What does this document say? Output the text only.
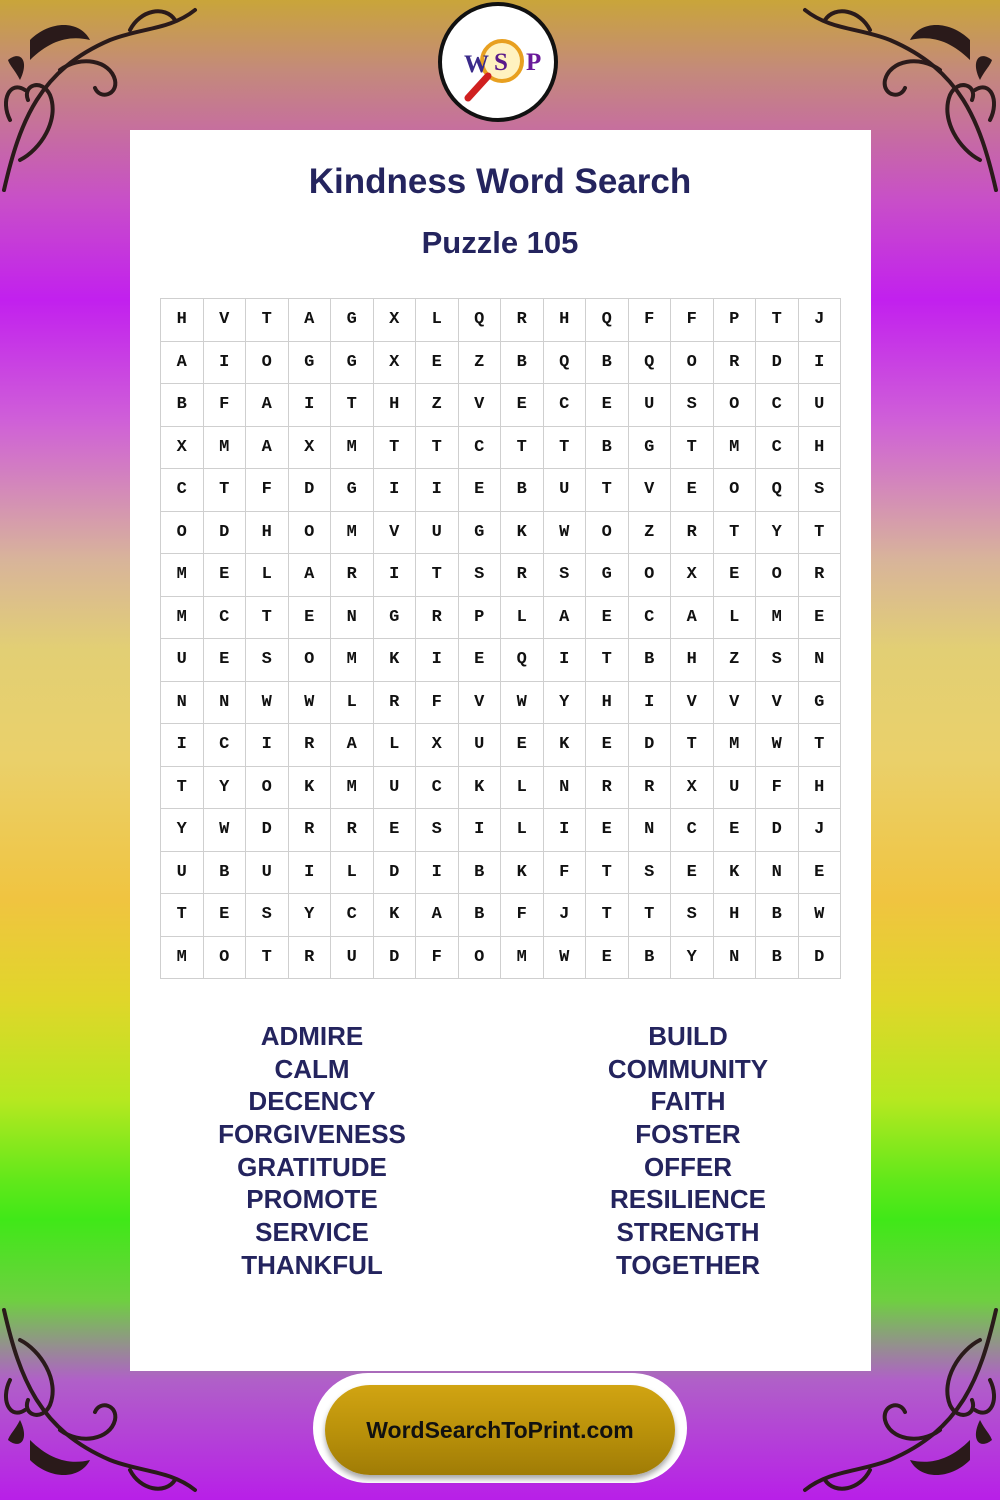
W S P
Kindness Word Search
Puzzle 105
H	V	T	A	G	X	L	Q	R	H	Q	F	F	P	T	J
A	I	O	G	G	X	E	Z	B	Q	B	Q	O	R	D	I
B	F	A	I	T	H	Z	V	E	C	E	U	S	O	C	U
X	M	A	X	M	T	T	C	T	T	B	G	T	M	C	H
C	T	F	D	G	I	I	E	B	U	T	V	E	O	Q	S
O	D	H	O	M	V	U	G	K	W	O	Z	R	T	Y	T
M	E	L	A	R	I	T	S	R	S	G	O	X	E	O	R
M	C	T	E	N	G	R	P	L	A	E	C	A	L	M	E
U	E	S	O	M	K	I	E	Q	I	T	B	H	Z	S	N
N	N	W	W	L	R	F	V	W	Y	H	I	V	V	V	G
I	C	I	R	A	L	X	U	E	K	E	D	T	M	W	T
T	Y	O	K	M	U	C	K	L	N	R	R	X	U	F	H
Y	W	D	R	R	E	S	I	L	I	E	N	C	E	D	J
U	B	U	I	L	D	I	B	K	F	T	S	E	K	N	E
T	E	S	Y	C	K	A	B	F	J	T	T	S	H	B	W
M	O	T	R	U	D	F	O	M	W	E	B	Y	N	B	D
ADMIRE
CALM
DECENCY
FORGIVENESS
GRATITUDE
PROMOTE
SERVICE
THANKFUL
BUILD
COMMUNITY
FAITH
FOSTER
OFFER
RESILIENCE
STRENGTH
TOGETHER
WordSearchToPrint.com
